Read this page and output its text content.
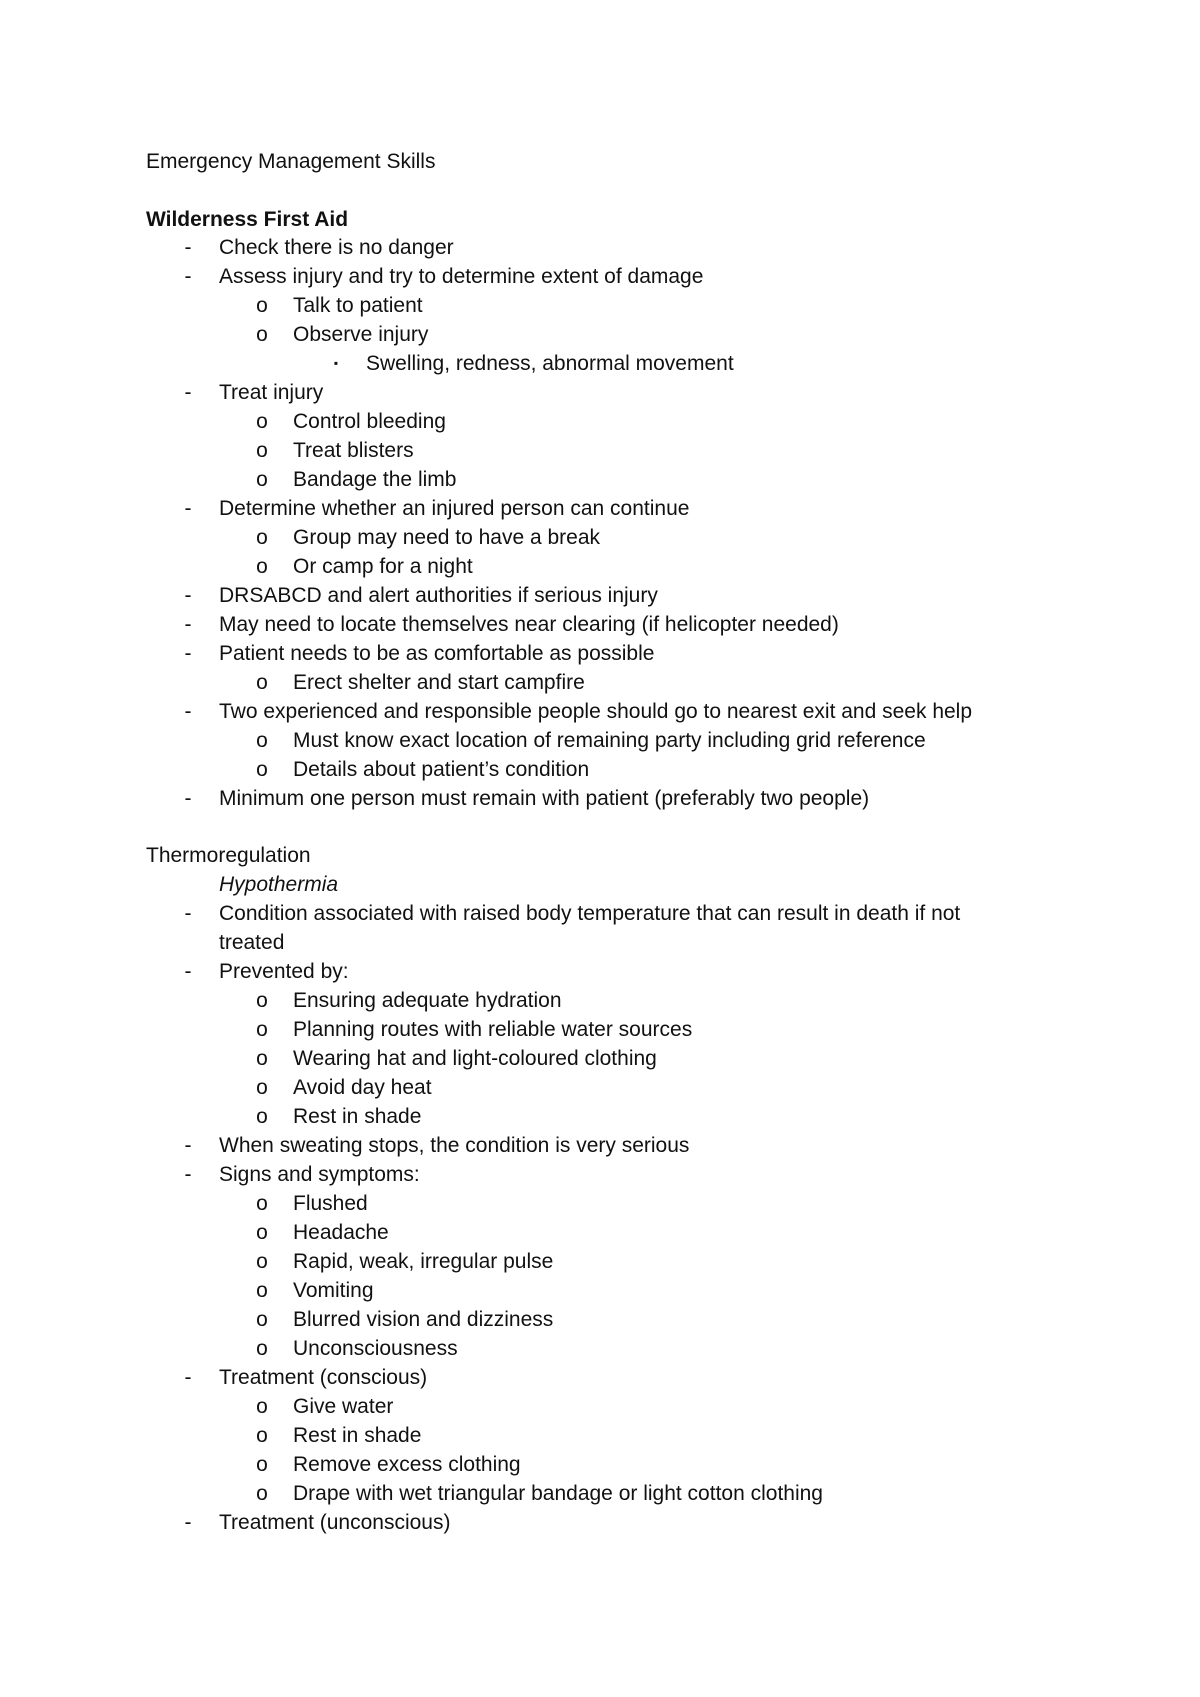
Emergency Management Skills
Wilderness First Aid
-	Check there is no danger
-	Assess injury and try to determine extent of damage
o	Talk to patient
o	Observe injury
▪	Swelling, redness, abnormal movement
-	Treat injury
o	Control bleeding
o	Treat blisters
o	Bandage the limb
-	Determine whether an injured person can continue
o	Group may need to have a break
o	Or camp for a night
-	DRSABCD and alert authorities if serious injury
-	May need to locate themselves near clearing (if helicopter needed)
-	Patient needs to be as comfortable as possible
o	Erect shelter and start campfire
-	Two experienced and responsible people should go to nearest exit and seek help
o	Must know exact location of remaining party including grid reference
o	Details about patient’s condition
-	Minimum one person must remain with patient (preferably two people)
Thermoregulation
Hypothermia
-	Condition associated with raised body temperature that can result in death if not
treated
-	Prevented by:
o	Ensuring adequate hydration
o	Planning routes with reliable water sources
o	Wearing hat and light-coloured clothing
o	Avoid day heat
o	Rest in shade
-	When sweating stops, the condition is very serious
-	Signs and symptoms:
o	Flushed
o	Headache
o	Rapid, weak, irregular pulse
o	Vomiting
o	Blurred vision and dizziness
o	Unconsciousness
-	Treatment (conscious)
o	Give water
o	Rest in shade
o	Remove excess clothing
o	Drape with wet triangular bandage or light cotton clothing
-	Treatment (unconscious)
